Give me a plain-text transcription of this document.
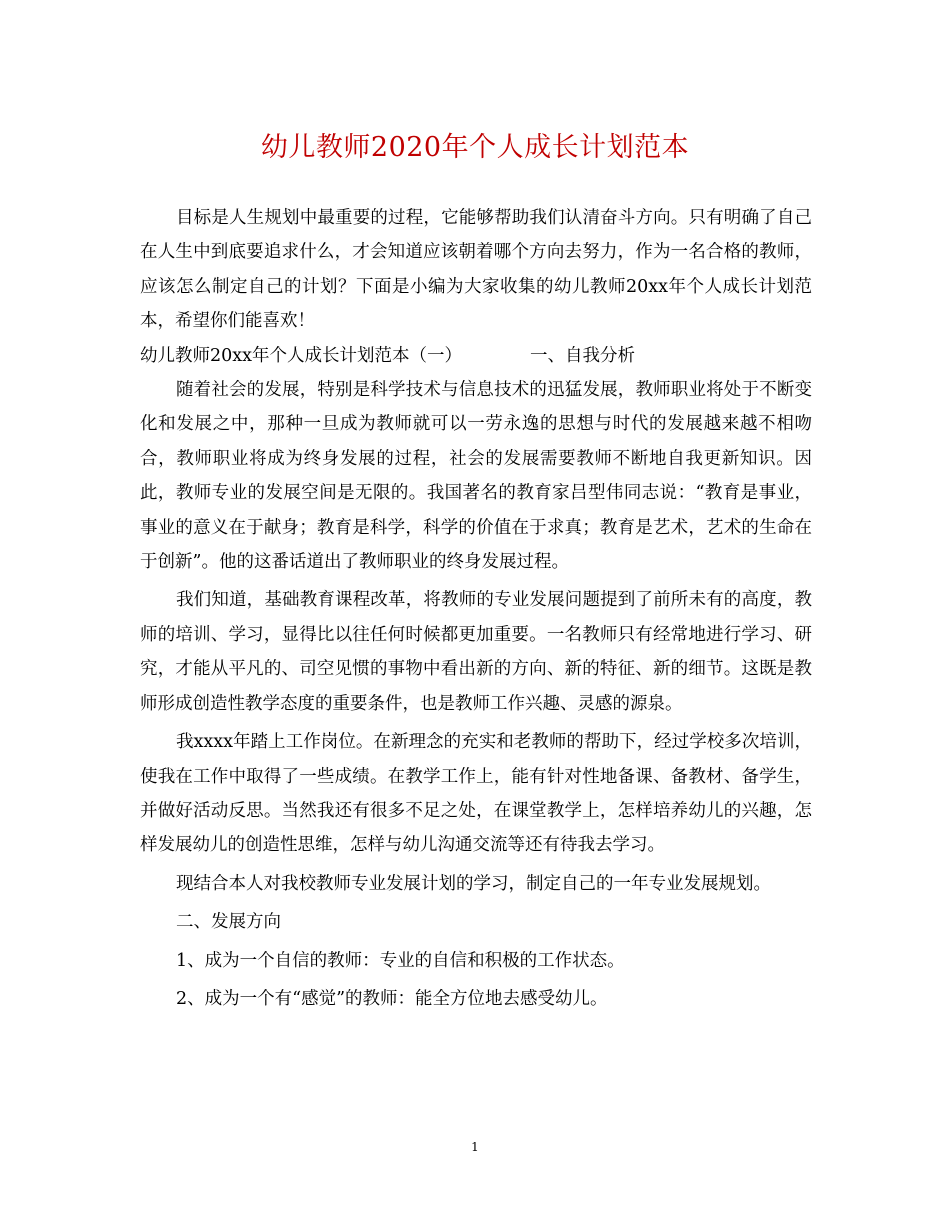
幼儿教师2020年个人成长计划范本

目标是人生规划中最重要的过程，它能够帮助我们认清奋斗方向。只有明确了自己在人生中到底要追求什么，才会知道应该朝着哪个方向去努力，作为一名合格的教师，应该怎么制定自己的计划？下面是小编为大家收集的幼儿教师20xx年个人成长计划范本，希望你们能喜欢！

幼儿教师20xx年个人成长计划范本（一）	一、自我分析

随着社会的发展，特别是科学技术与信息技术的迅猛发展，教师职业将处于不断变化和发展之中，那种一旦成为教师就可以一劳永逸的思想与时代的发展越来越不相吻合，教师职业将成为终身发展的过程，社会的发展需要教师不断地自我更新知识。因此，教师专业的发展空间是无限的。我国著名的教育家吕型伟同志说：“教育是事业，事业的意义在于献身；教育是科学，科学的价值在于求真；教育是艺术，艺术的生命在于创新”。他的这番话道出了教师职业的终身发展过程。

我们知道，基础教育课程改革，将教师的专业发展问题提到了前所未有的高度，教师的培训、学习，显得比以往任何时候都更加重要。一名教师只有经常地进行学习、研究，才能从平凡的、司空见惯的事物中看出新的方向、新的特征、新的细节。这既是教师形成创造性教学态度的重要条件，也是教师工作兴趣、灵感的源泉。

我xxxx年踏上工作岗位。在新理念的充实和老教师的帮助下，经过学校多次培训，使我在工作中取得了一些成绩。在教学工作上，能有针对性地备课、备教材、备学生，并做好活动反思。当然我还有很多不足之处，在课堂教学上，怎样培养幼儿的兴趣，怎样发展幼儿的创造性思维，怎样与幼儿沟通交流等还有待我去学习。

现结合本人对我校教师专业发展计划的学习，制定自己的一年专业发展规划。

二、发展方向

1、成为一个自信的教师：专业的自信和积极的工作状态。

2、成为一个有“感觉”的教师：能全方位地去感受幼儿。

1
